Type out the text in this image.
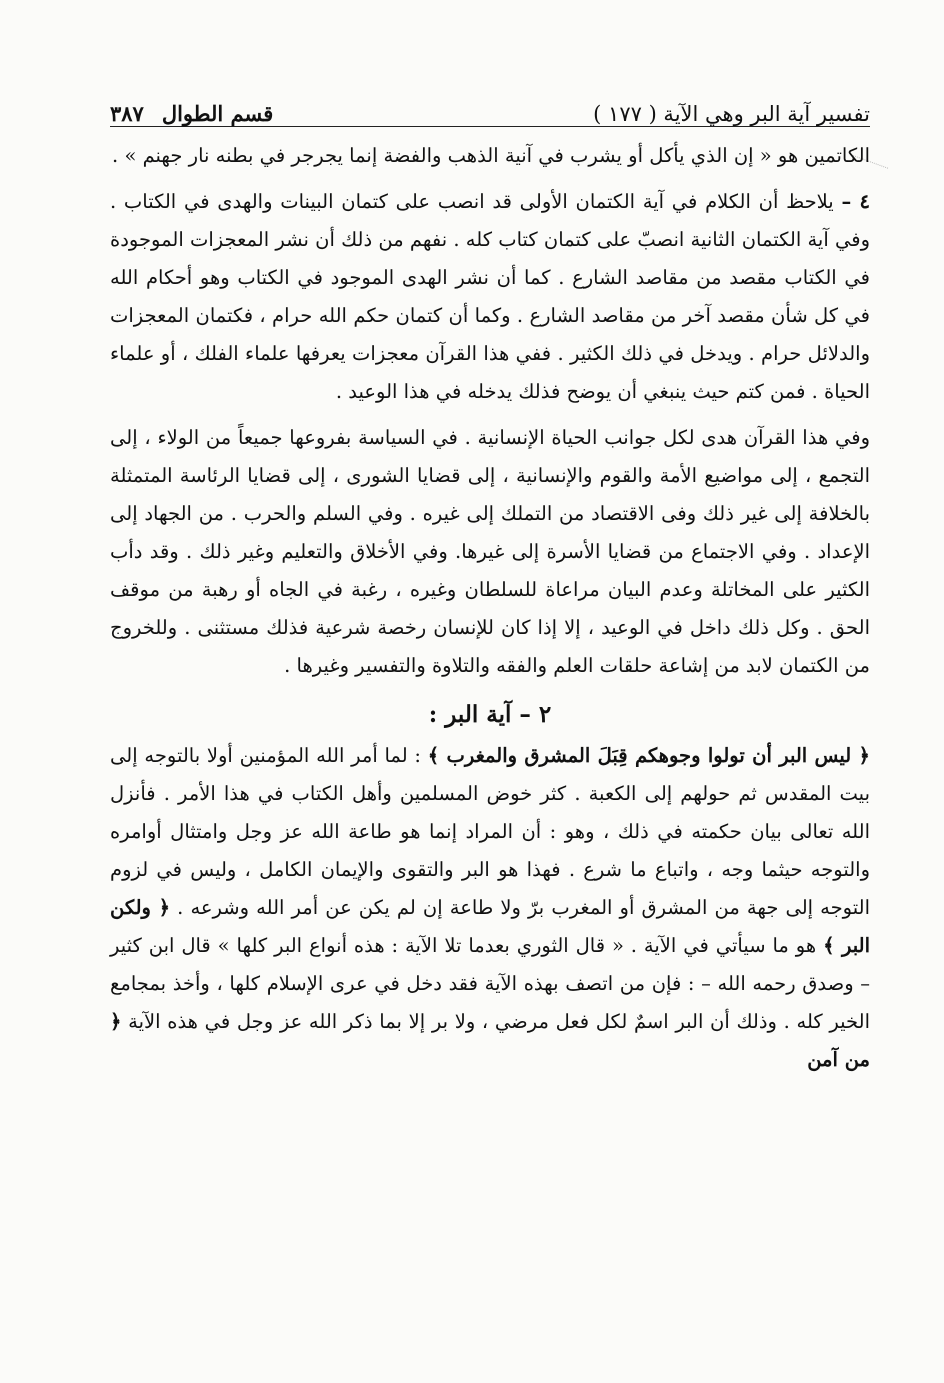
تفسير آية البر وهي الآية ( ١٧٧ )
قسم الطوال
٣٨٧

الكاتمين هو « إن الذي يأكل أو يشرب في آنية الذهب والفضة إنما يجرجر في بطنه نار جهنم » .

٤ – يلاحظ أن الكلام في آية الكتمان الأولى قد انصب على كتمان البينات والهدى في الكتاب . وفي آية الكتمان الثانية انصبّ على كتمان كتاب كله . نفهم من ذلك أن نشر المعجزات الموجودة في الكتاب مقصد من مقاصد الشارع . كما أن نشر الهدى الموجود في الكتاب وهو أحكام الله في كل شأن مقصد آخر من مقاصد الشارع . وكما أن كتمان حكم الله حرام ، فكتمان المعجزات والدلائل حرام . ويدخل في ذلك الكثير . ففي هذا القرآن معجزات يعرفها علماء الفلك ، أو علماء الحياة . فمن كتم حيث ينبغي أن يوضح فذلك يدخله في هذا الوعيد .

وفي هذا القرآن هدى لكل جوانب الحياة الإنسانية . في السياسة بفروعها جميعاً من الولاء ، إلى التجمع ، إلى مواضيع الأمة والقوم والإنسانية ، إلى قضايا الشورى ، إلى قضايا الرئاسة المتمثلة بالخلافة إلى غير ذلك وفى الاقتصاد من التملك إلى غيره . وفي السلم والحرب . من الجهاد إلى الإعداد . وفي الاجتماع من قضايا الأسرة إلى غيرها. وفي الأخلاق والتعليم وغير ذلك . وقد دأب الكثير على المخاتلة وعدم البيان مراعاة للسلطان وغيره ، رغبة في الجاه أو رهبة من موقف الحق . وكل ذلك داخل في الوعيد ، إلا إذا كان للإنسان رخصة شرعية فذلك مستثنى . وللخروج من الكتمان لابد من إشاعة حلقات العلم والفقه والتلاوة والتفسير وغيرها .

٢ – آية البر :

﴿ ليس البر أن تولوا وجوهكم قِبَلَ المشرق والمغرب ﴾ : لما أمر الله المؤمنين أولا بالتوجه إلى بيت المقدس ثم حولهم إلى الكعبة . كثر خوض المسلمين وأهل الكتاب في هذا الأمر . فأنزل الله تعالى بيان حكمته في ذلك ، وهو : أن المراد إنما هو طاعة الله عز وجل وامتثال أوامره والتوجه حيثما وجه ، واتباع ما شرع . فهذا هو البر والتقوى والإيمان الكامل ، وليس في لزوم التوجه إلى جهة من المشرق أو المغرب برّ ولا طاعة إن لم يكن عن أمر الله وشرعه . ﴿ ولكن البر ﴾ هو ما سيأتي في الآية . « قال الثوري بعدما تلا الآية : هذه أنواع البر كلها » قال ابن كثير – وصدق رحمه الله – : فإن من اتصف بهذه الآية فقد دخل في عرى الإسلام كلها ، وأخذ بمجامع الخير كله . وذلك أن البر اسمٌ لكل فعل مرضي ، ولا بر إلا بما ذكر الله عز وجل في هذه الآية ﴿ من آمن
